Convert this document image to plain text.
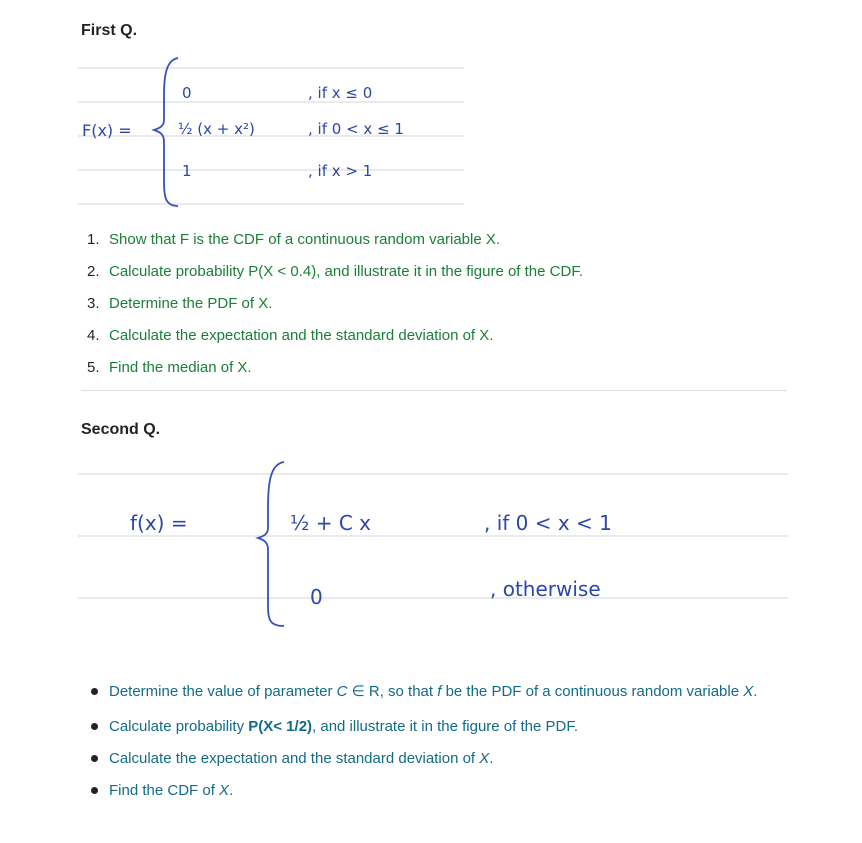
First Q.
F(x) =
0	, if x ≤ 0
½ (x + x²)	, if 0 < x ≤ 1
1	, if x > 1
1. Show that F is the CDF of a continuous random variable X.
2. Calculate probability P(X < 0.4), and illustrate it in the figure of the CDF.
3. Determine the PDF of X.
4. Calculate the expectation and the standard deviation of X.
5. Find the median of X.
Second Q.
f(x) =	½ + C x	, if 0 < x < 1
0	, otherwise
Determine the value of parameter C ∈ R, so that f be the PDF of a continuous random variable X.
Calculate probability P(X< 1/2), and illustrate it in the figure of the PDF.
Calculate the expectation and the standard deviation of X.
Find the CDF of X.
